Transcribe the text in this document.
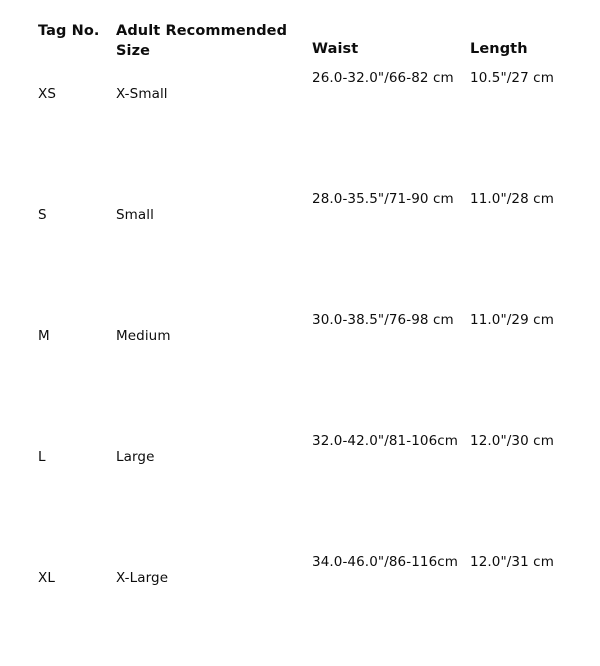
Tag No.	Adult Recommended Size	Waist	Length
XS	X-Small	26.0-32.0"/66-82 cm	10.5"/27 cm
S	Small	28.0-35.5"/71-90 cm	11.0"/28 cm
M	Medium	30.0-38.5"/76-98 cm	11.0"/29 cm
L	Large	32.0-42.0"/81-106cm	12.0"/30 cm
XL	X-Large	34.0-46.0"/86-116cm	12.0"/31 cm
